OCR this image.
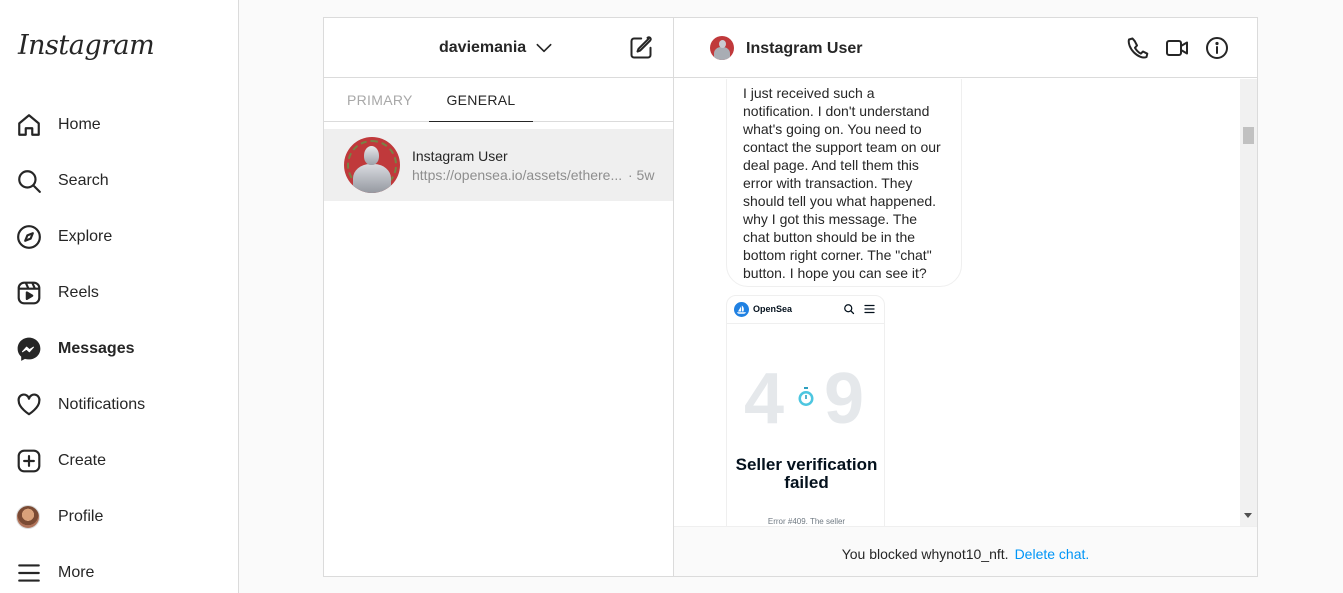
Instagram
Home
Search
Explore
Reels
Messages
Notifications
Create
Profile
More
daviemania
PRIMARY	GENERAL
Instagram User
https://opensea.io/assets/ethere... · 5w
Instagram User
I just received such a notification. I don't understand what's going on. You need to contact the support team on our deal page. And tell them this error with transaction. They should tell you what happened. why I got this message. The chat button should be in the bottom right corner. The "chat" button. I hope you can see it?
OpenSea
4 9
Seller verification failed
Error #409. The seller
You blocked whynot10_nft. Delete chat.
